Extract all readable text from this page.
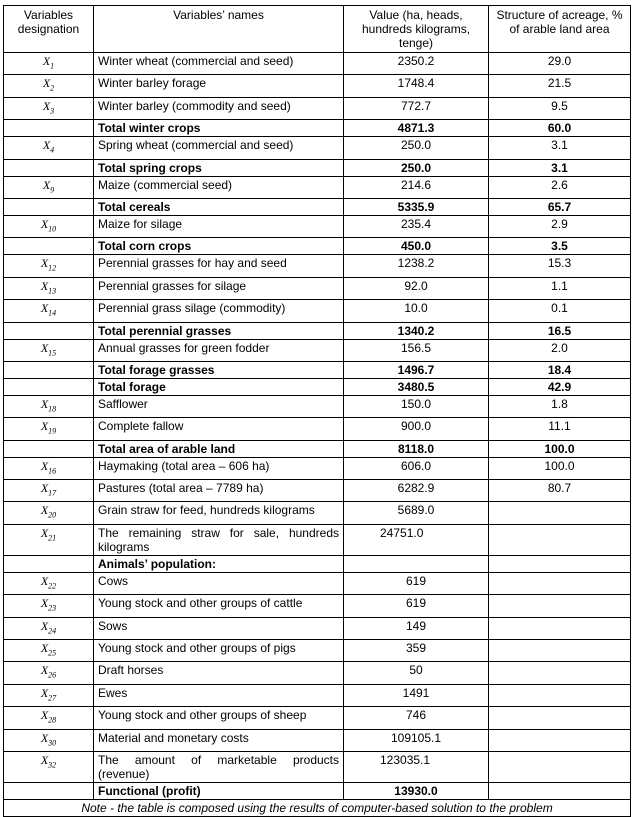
Variables designation	Variables’ names	Value (ha, heads, hundreds kilograms, tenge)	Structure of acreage, % of arable land area
$X_1$	Winter wheat (commercial and seed)	2350.2	29.0
$X_2$	Winter barley forage	1748.4	21.5
$X_3$	Winter barley (commodity and seed)	772.7	9.5
	Total winter crops	4871.3	60.0
$X_4$	Spring wheat (commercial and seed)	250.0	3.1
	Total spring crops	250.0	3.1
$X_9$	Maize (commercial seed)	214.6	2.6
	Total cereals	5335.9	65.7
$X_{10}$	Maize for silage	235.4	2.9
	Total corn crops	450.0	3.5
$X_{12}$	Perennial grasses for hay and seed	1238.2	15.3
$X_{13}$	Perennial grasses for silage	92.0	1.1
$X_{14}$	Perennial grass silage (commodity)	10.0	0.1
	Total perennial grasses	1340.2	16.5
$X_{15}$	Annual grasses for green fodder	156.5	2.0
	Total forage grasses	1496.7	18.4
	Total forage	3480.5	42.9
$X_{18}$	Safflower	150.0	1.8
$X_{19}$	Complete fallow	900.0	11.1
	Total area of arable land	8118.0	100.0
$X_{16}$	Haymaking (total area – 606 ha)	606.0	100.0
$X_{17}$	Pastures (total area – 7789 ha)	6282.9	80.7
$X_{20}$	Grain straw for feed, hundreds kilograms	5689.0	
$X_{21}$	The remaining straw for sale, hundreds kilograms	24751.0	
	Animals’ population:		
$X_{22}$	Cows	619	
$X_{23}$	Young stock and other groups of cattle	619	
$X_{24}$	Sows	149	
$X_{25}$	Young stock and other groups of pigs	359	
$X_{26}$	Draft horses	50	
$X_{27}$	Ewes	1491	
$X_{28}$	Young stock and other groups of sheep	746	
$X_{30}$	Material and monetary costs	109105.1	
$X_{32}$	The amount of marketable products (revenue)	123035.1	
	Functional (profit)	13930.0	
Note - the table is composed using the results of computer-based solution to the problem			
